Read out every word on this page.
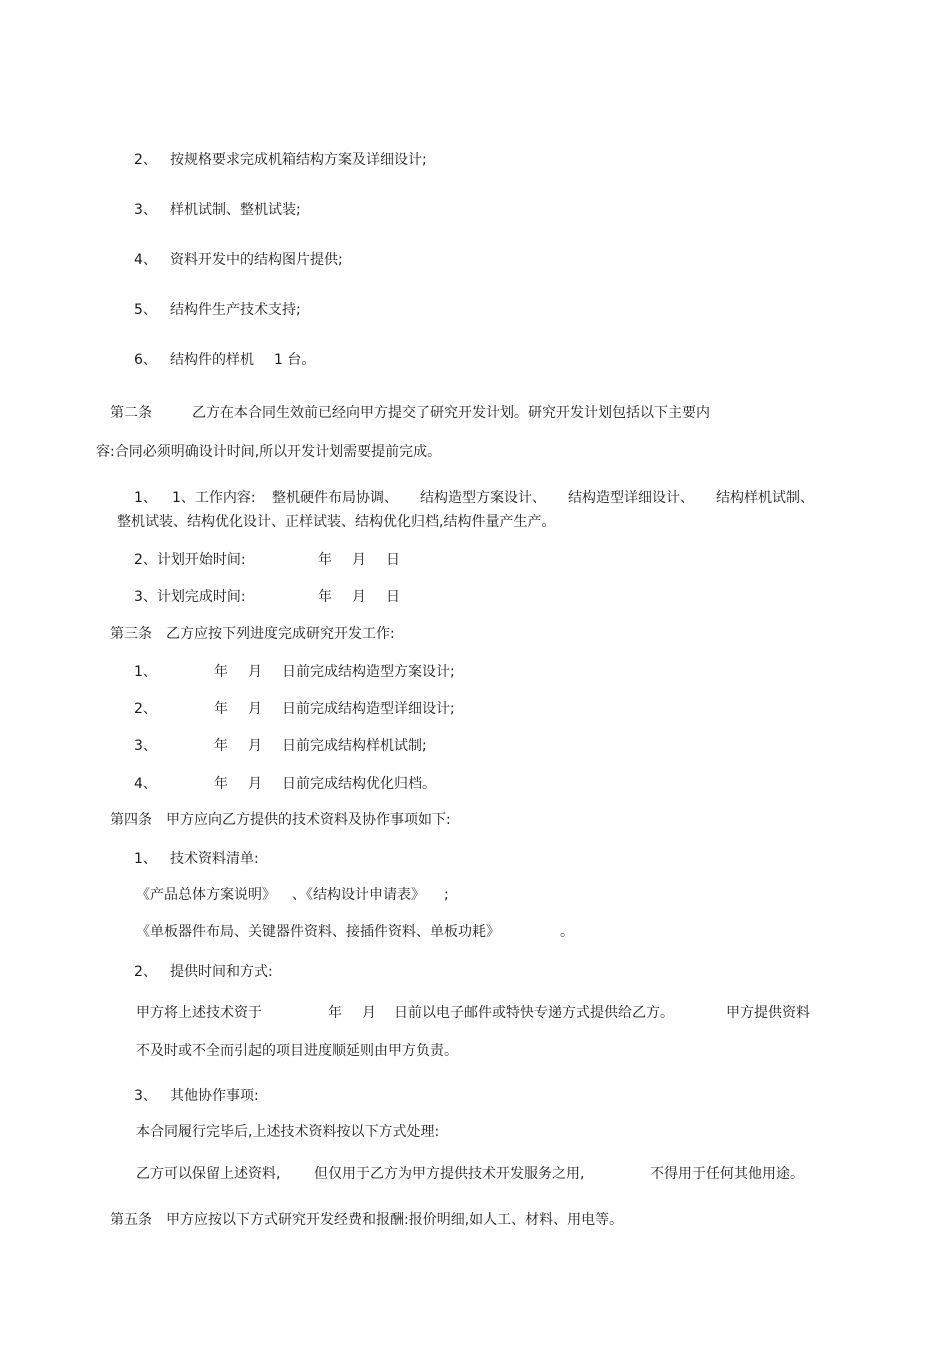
2、 按规格要求完成机箱结构方案及详细设计;
3、 样机试制、整机试装;
4、 资料开发中的结构图片提供;
5、 结构件生产技术支持;
6、 结构件的样机 1 台。
第二条	乙方在本合同生效前已经向甲方提交了研究开发计划。研究开发计划包括以下主要内
容:合同必须明确设计时间,所以开发计划需要提前完成。
1、 1、工作内容: 整机硬件布局协调、 结构造型方案设计、 结构造型详细设计、 结构样机试制、
整机试装、结构优化设计、正样试装、结构优化归档,结构件量产生产。
2、计划开始时间:	年 月 日
3、计划完成时间:	年 月 日
第三条 乙方应按下列进度完成研究开发工作:
1、	年 月 日前完成结构造型方案设计;
2、	年 月 日前完成结构造型详细设计;
3、	年 月 日前完成结构样机试制;
4、	年 月 日前完成结构优化归档。
第四条 甲方应向乙方提供的技术资料及协作事项如下:
1、 技术资料清单:
《产品总体方案说明》 、《结构设计申请表》 ;
《单板器件布局、关键器件资料、接插件资料、单板功耗》	。
2、 提供时间和方式:
甲方将上述技术资于	年 月 日前以电子邮件或特快专递方式提供给乙方。	甲方提供资料
不及时或不全而引起的项目进度顺延则由甲方负责。
3、 其他协作事项:
本合同履行完毕后,上述技术资料按以下方式处理:
乙方可以保留上述资料, 但仅用于乙方为甲方提供技术开发服务之用,	不得用于任何其他用途。
第五条 甲方应按以下方式研究开发经费和报酬:报价明细,如人工、材料、用电等。
